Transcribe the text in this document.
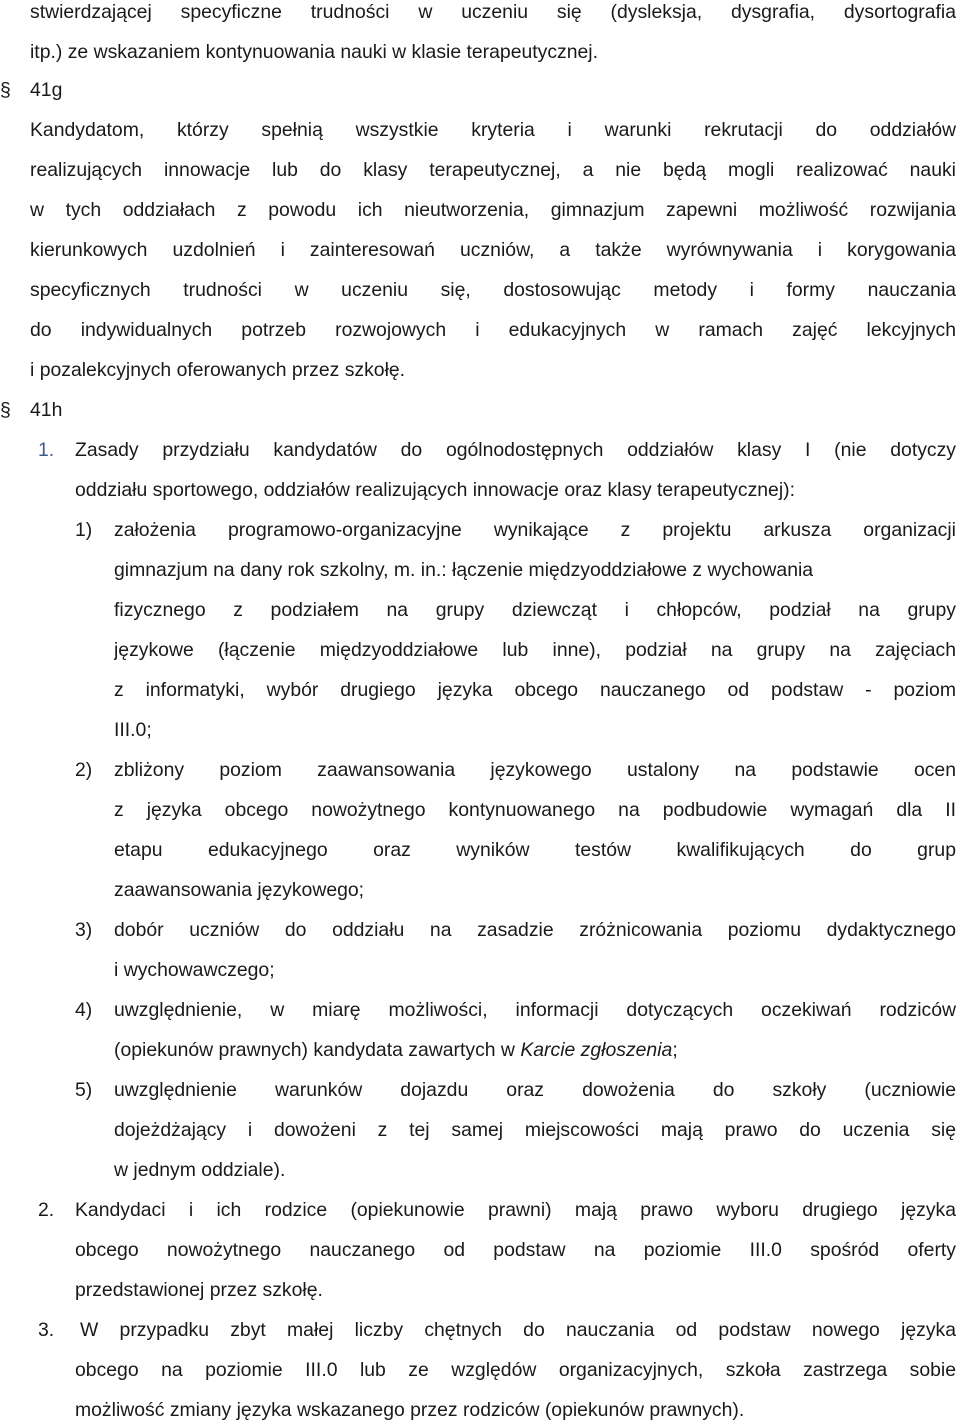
stwierdzającej specyficzne trudności w uczeniu się (dysleksja, dysgrafia, dysortografia
itp.) ze wskazaniem kontynuowania nauki w klasie terapeutycznej.
§ 41g
Kandydatom, którzy spełnią wszystkie kryteria i warunki rekrutacji do oddziałów
realizujących innowacje lub do klasy terapeutycznej, a nie będą mogli realizować nauki
w tych oddziałach z powodu ich nieutworzenia, gimnazjum zapewni możliwość rozwijania
kierunkowych uzdolnień i zainteresowań uczniów, a także wyrównywania i korygowania
specyficznych trudności w uczeniu się, dostosowując metody i formy nauczania
do indywidualnych potrzeb rozwojowych i edukacyjnych w ramach zajęć lekcyjnych
i pozalekcyjnych oferowanych przez szkołę.
§ 41h
1. Zasady przydziału kandydatów do ogólnodostępnych oddziałów klasy I (nie dotyczy
oddziału sportowego, oddziałów realizujących innowacje oraz klasy terapeutycznej):
1) założenia programowo-organizacyjne wynikające z projektu arkusza organizacji
gimnazjum na dany rok szkolny, m. in.: łączenie międzyoddziałowe z wychowania
fizycznego z podziałem na grupy dziewcząt i chłopców, podział na grupy
językowe (łączenie międzyoddziałowe lub inne), podział na grupy na zajęciach
z informatyki, wybór drugiego języka obcego nauczanego od podstaw - poziom
III.0;
2) zbliżony poziom zaawansowania językowego ustalony na podstawie ocen
z języka obcego nowożytnego kontynuowanego na podbudowie wymagań dla II
etapu edukacyjnego oraz wyników testów kwalifikujących do grup
zaawansowania językowego;
3) dobór uczniów do oddziału na zasadzie zróżnicowania poziomu dydaktycznego
i wychowawczego;
4) uwzględnienie, w miarę możliwości, informacji dotyczących oczekiwań rodziców
(opiekunów prawnych) kandydata zawartych w Karcie zgłoszenia;
5) uwzględnienie warunków dojazdu oraz dowożenia do szkoły (uczniowie
dojeżdżający i dowożeni z tej samej miejscowości mają prawo do uczenia się
w jednym oddziale).
2. Kandydaci i ich rodzice (opiekunowie prawni) mają prawo wyboru drugiego języka
obcego nowożytnego nauczanego od podstaw na poziomie III.0 spośród oferty
przedstawionej przez szkołę.
3. W przypadku zbyt małej liczby chętnych do nauczania od podstaw nowego języka
obcego na poziomie III.0 lub ze względów organizacyjnych, szkoła zastrzega sobie
możliwość zmiany języka wskazanego przez rodziców (opiekunów prawnych).
